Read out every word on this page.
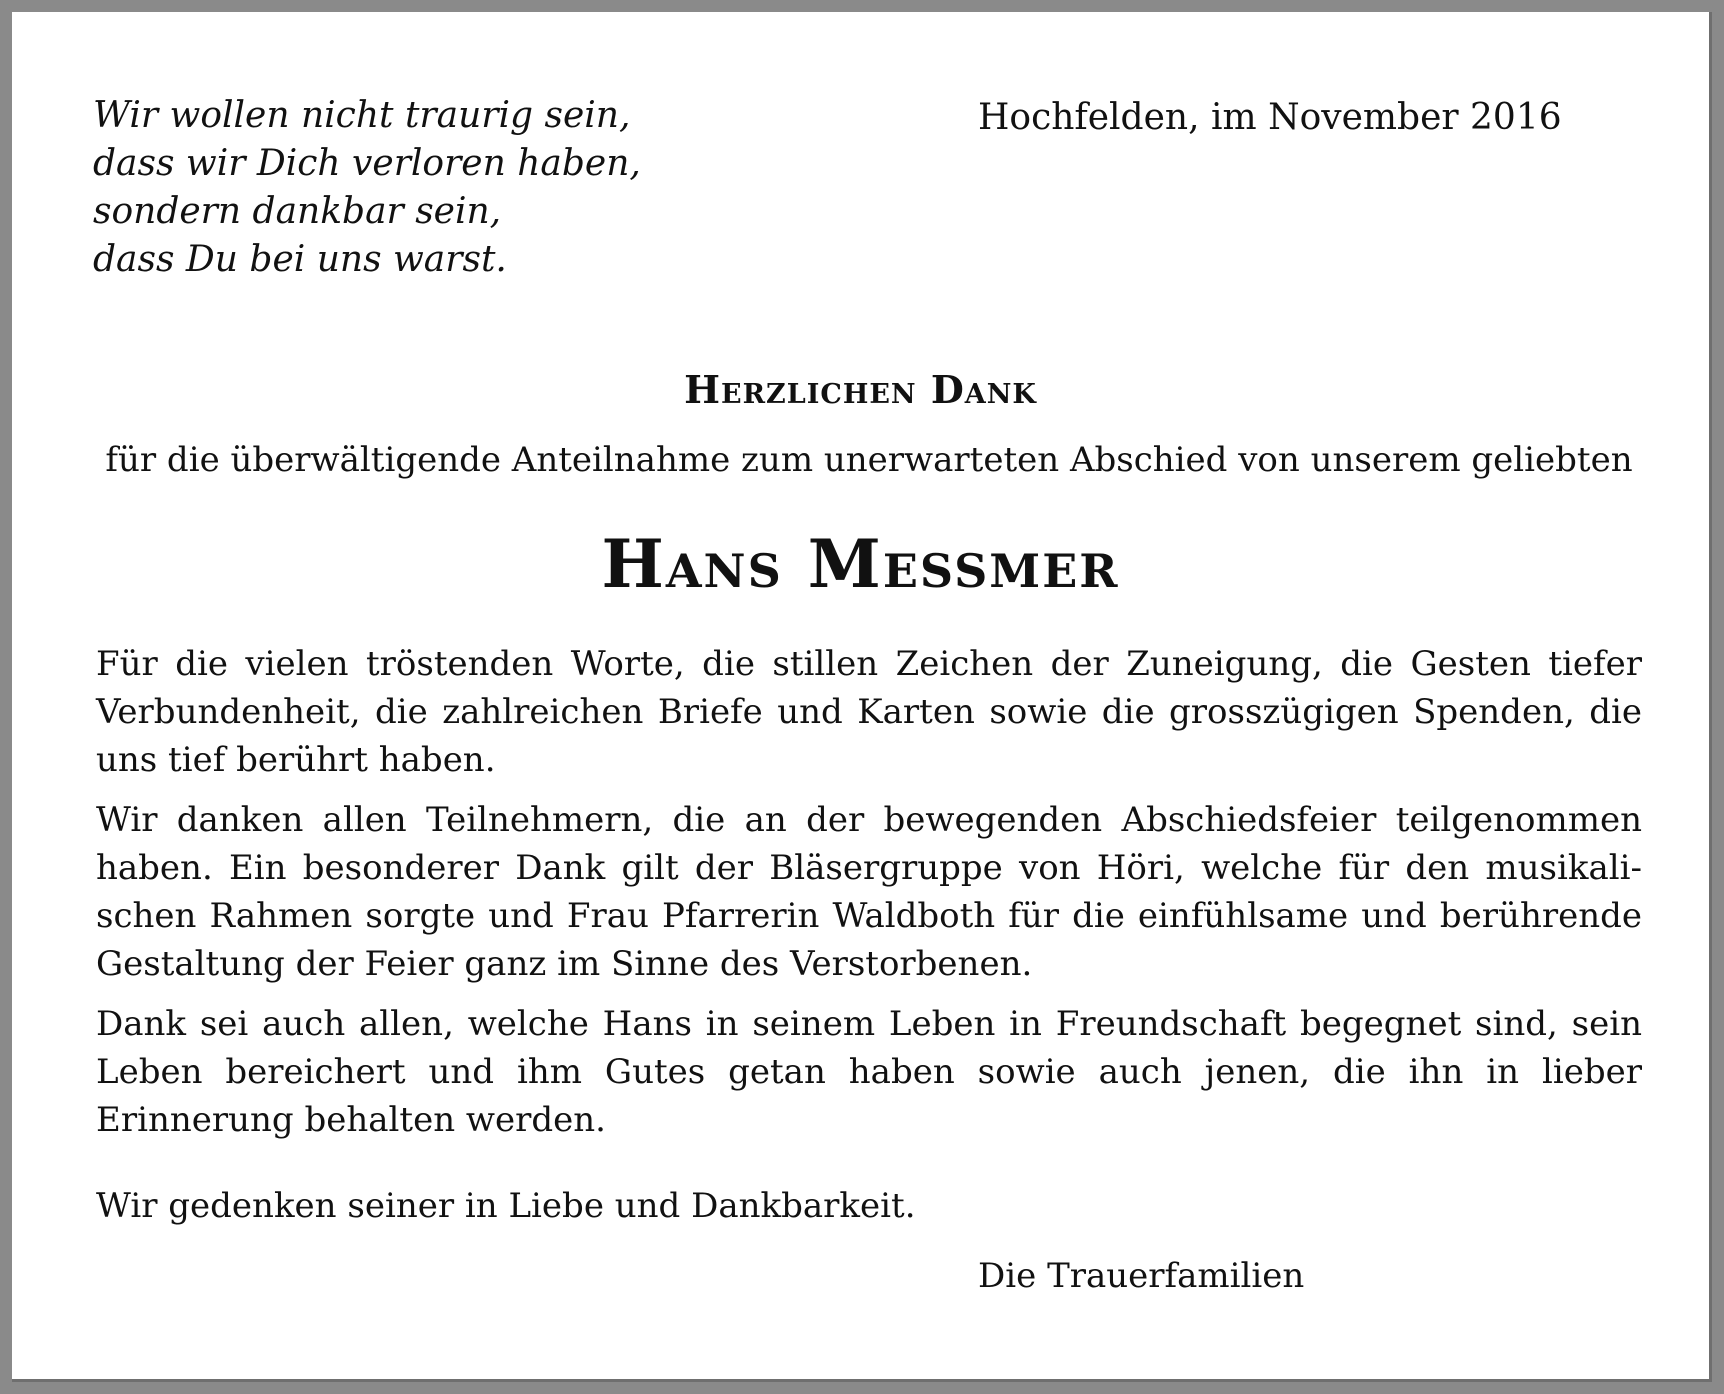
Wir wollen nicht traurig sein,
dass wir Dich verloren haben,
sondern dankbar sein,
dass Du bei uns warst.

Hochfelden, im November 2016

Herzlichen Dank

für die überwältigende Anteilnahme zum unerwarteten Abschied von unserem geliebten

Hans Messmer

Für die vielen tröstenden Worte, die stillen Zeichen der Zuneigung, die Gesten tiefer Verbundenheit, die zahlreichen Briefe und Karten sowie die grosszügigen Spenden, die uns tief berührt haben.

Wir danken allen Teilnehmern, die an der bewegenden Abschiedsfeier teilgenommen haben. Ein besonderer Dank gilt der Bläsergruppe von Höri, welche für den musikalischen Rahmen sorgte und Frau Pfarrerin Waldboth für die einfühlsame und berührende Gestaltung der Feier ganz im Sinne des Verstorbenen.

Dank sei auch allen, welche Hans in seinem Leben in Freundschaft begegnet sind, sein Leben bereichert und ihm Gutes getan haben sowie auch jenen, die ihn in lieber Erinnerung behalten werden.

Wir gedenken seiner in Liebe und Dankbarkeit.

Die Trauerfamilien
